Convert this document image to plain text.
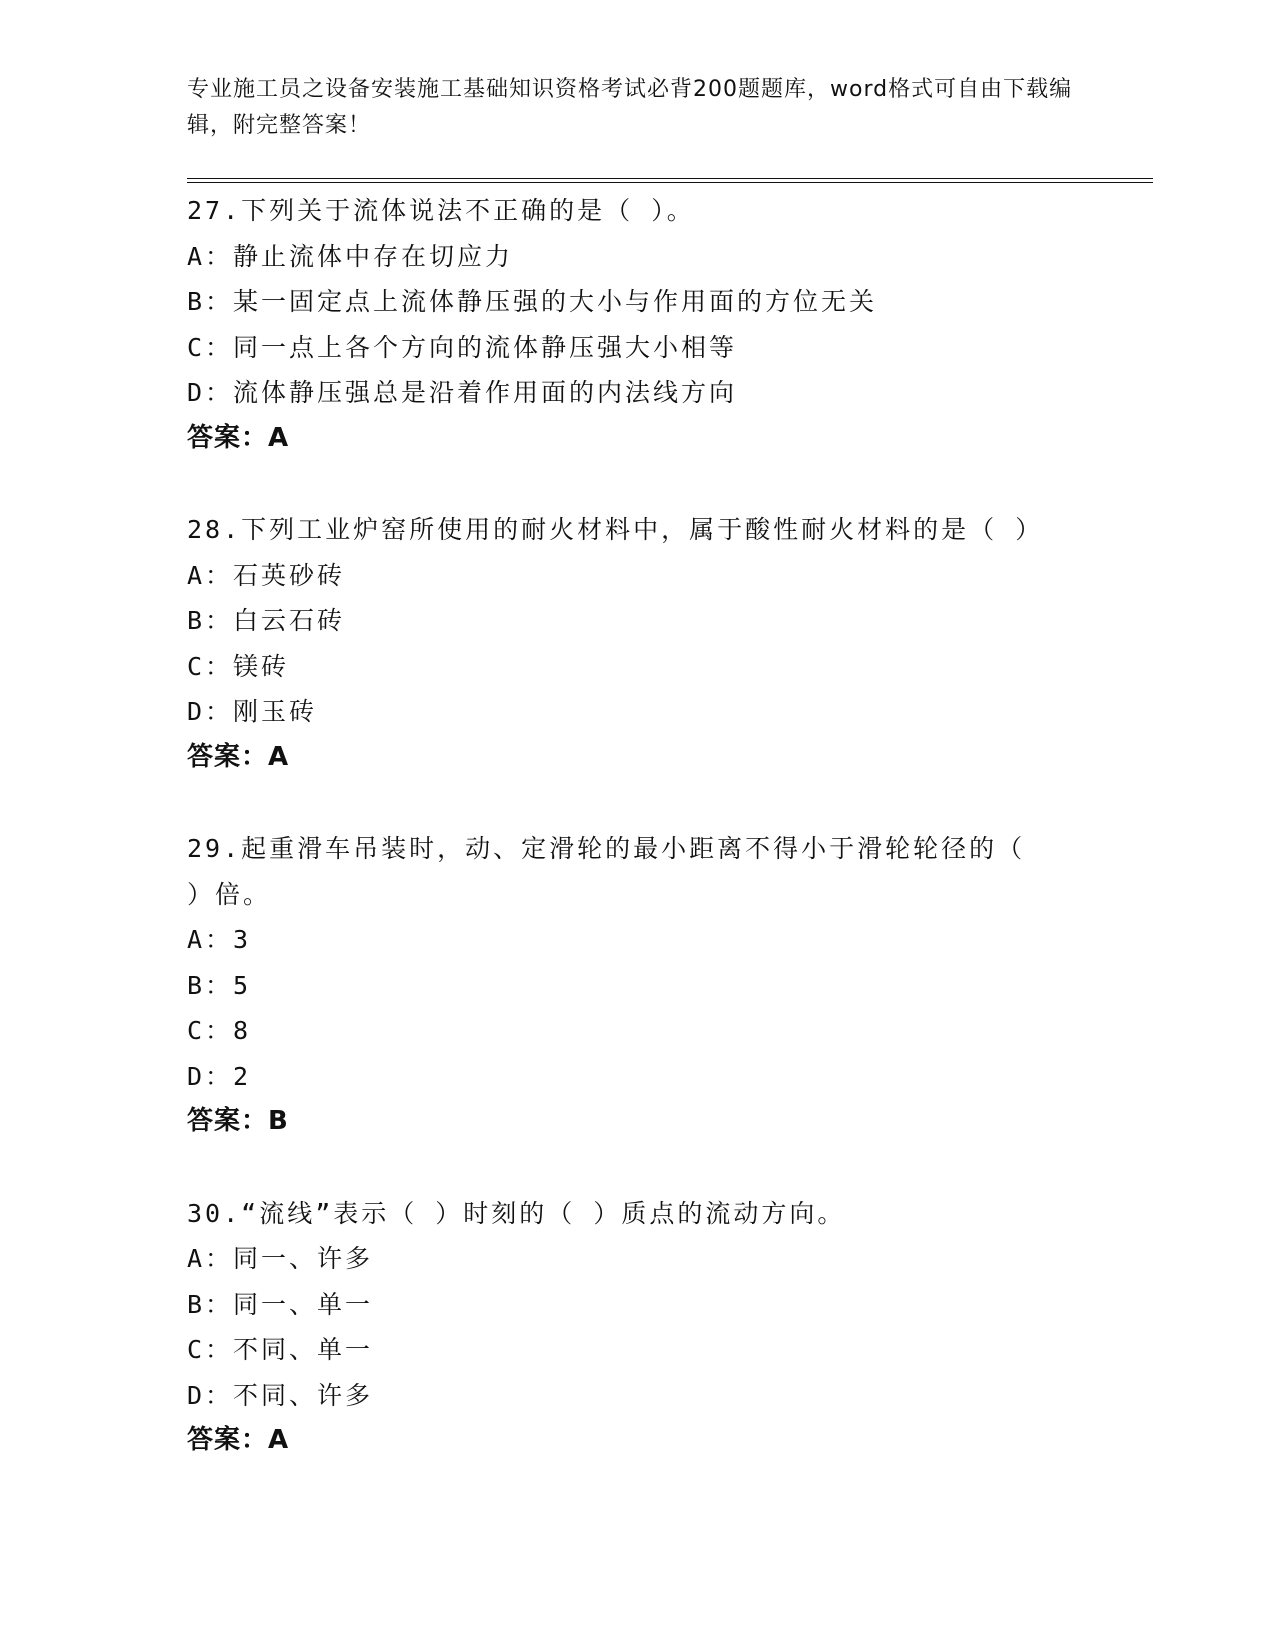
专业施工员之设备安装施工基础知识资格考试必背200题题库，word格式可自由下载编辑，附完整答案！
27.下列关于流体说法不正确的是（ ）。
A：静止流体中存在切应力
B：某一固定点上流体静压强的大小与作用面的方位无关
C：同一点上各个方向的流体静压强大小相等
D：流体静压强总是沿着作用面的内法线方向
答案：A
28.下列工业炉窑所使用的耐火材料中，属于酸性耐火材料的是（ ）
A：石英砂砖
B：白云石砖
C：镁砖
D：刚玉砖
答案：A
29.起重滑车吊装时，动、定滑轮的最小距离不得小于滑轮轮径的（
）倍。
A：3
B：5
C：8
D：2
答案：B
30.“流线”表示（ ）时刻的（ ）质点的流动方向。
A：同一、许多
B：同一、单一
C：不同、单一
D：不同、许多
答案：A
